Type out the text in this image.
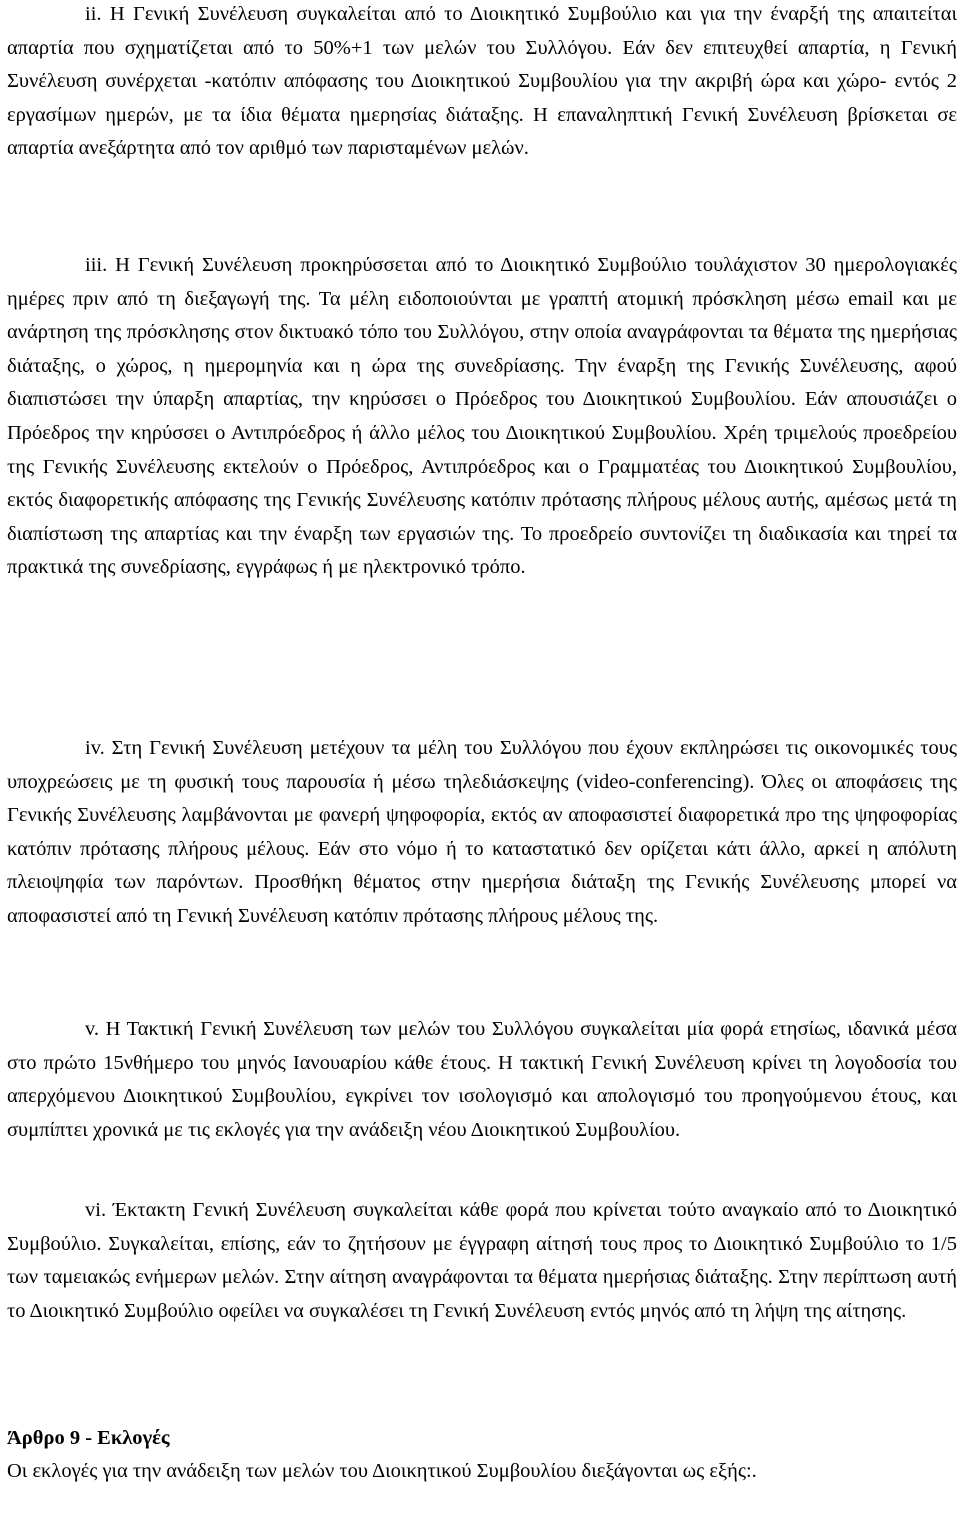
ii. Η Γενική Συνέλευση συγκαλείται από το Διοικητικό Συμβούλιο και για την έναρξή της απαιτείται απαρτία που σχηματίζεται από το 50%+1 των μελών του Συλλόγου. Εάν δεν επιτευχθεί απαρτία, η Γενική Συνέλευση συνέρχεται -κατόπιν απόφασης του Διοικητικού Συμβουλίου για την ακριβή ώρα και χώρο- εντός 2 εργασίμων ημερών, με τα ίδια θέματα ημερησίας διάταξης. Η επαναληπτική Γενική Συνέλευση βρίσκεται σε απαρτία ανεξάρτητα από τον αριθμό των παρισταμένων μελών.

iii. Η Γενική Συνέλευση προκηρύσσεται από το Διοικητικό Συμβούλιο τουλάχιστον 30 ημερολογιακές ημέρες πριν από τη διεξαγωγή της. Τα μέλη ειδοποιούνται με γραπτή ατομική πρόσκληση μέσω email και με ανάρτηση της πρόσκλησης στον δικτυακό τόπο του Συλλόγου, στην οποία αναγράφονται τα θέματα της ημερήσιας διάταξης, ο χώρος, η ημερομηνία και η ώρα της συνεδρίασης. Την έναρξη της Γενικής Συνέλευσης, αφού διαπιστώσει την ύπαρξη απαρτίας, την κηρύσσει ο Πρόεδρος του Διοικητικού Συμβουλίου. Εάν απουσιάζει ο Πρόεδρος την κηρύσσει ο Αντιπρόεδρος ή άλλο μέλος του Διοικητικού Συμβουλίου. Χρέη τριμελούς προεδρείου της Γενικής Συνέλευσης εκτελούν ο Πρόεδρος, Αντιπρόεδρος και ο Γραμματέας του Διοικητικού Συμβουλίου, εκτός διαφορετικής απόφασης της Γενικής Συνέλευσης κατόπιν πρότασης πλήρους μέλους αυτής, αμέσως μετά τη διαπίστωση της απαρτίας και την έναρξη των εργασιών της. Το προεδρείο συντονίζει τη διαδικασία και τηρεί τα πρακτικά της συνεδρίασης, εγγράφως ή με ηλεκτρονικό τρόπο.

iv. Στη Γενική Συνέλευση μετέχουν τα μέλη του Συλλόγου που έχουν εκπληρώσει τις οικονομικές τους υποχρεώσεις με τη φυσική τους παρουσία ή μέσω τηλεδιάσκεψης (video-conferencing). Όλες οι αποφάσεις της Γενικής Συνέλευσης λαμβάνονται με φανερή ψηφοφορία, εκτός αν αποφασιστεί διαφορετικά προ της ψηφοφορίας κατόπιν πρότασης πλήρους μέλους. Εάν στο νόμο ή το καταστατικό δεν ορίζεται κάτι άλλο, αρκεί η απόλυτη πλειοψηφία των παρόντων. Προσθήκη θέματος στην ημερήσια διάταξη της Γενικής Συνέλευσης μπορεί να αποφασιστεί από τη Γενική Συνέλευση κατόπιν πρότασης πλήρους μέλους της.

v. Η Τακτική Γενική Συνέλευση των μελών του Συλλόγου συγκαλείται μία φορά ετησίως, ιδανικά μέσα στο πρώτο 15νθήμερο του μηνός Ιανουαρίου κάθε έτους. Η τακτική Γενική Συνέλευση κρίνει τη λογοδοσία του απερχόμενου Διοικητικού Συμβουλίου, εγκρίνει τον ισολογισμό και απολογισμό του προηγούμενου έτους, και συμπίπτει χρονικά με τις εκλογές για την ανάδειξη νέου Διοικητικού Συμβουλίου.

vi. Έκτακτη Γενική Συνέλευση συγκαλείται κάθε φορά που κρίνεται τούτο αναγκαίο από το Διοικητικό Συμβούλιο. Συγκαλείται, επίσης, εάν το ζητήσουν με έγγραφη αίτησή τους προς το Διοικητικό Συμβούλιο το 1/5 των ταμειακώς ενήμερων μελών. Στην αίτηση αναγράφονται τα θέματα ημερήσιας διάταξης. Στην περίπτωση αυτή το Διοικητικό Συμβούλιο οφείλει να συγκαλέσει τη Γενική Συνέλευση εντός μηνός από τη λήψη της αίτησης.

Άρθρο 9 - Εκλογές

Οι εκλογές για την ανάδειξη των μελών του Διοικητικού Συμβουλίου διεξάγονται ως εξής:.
